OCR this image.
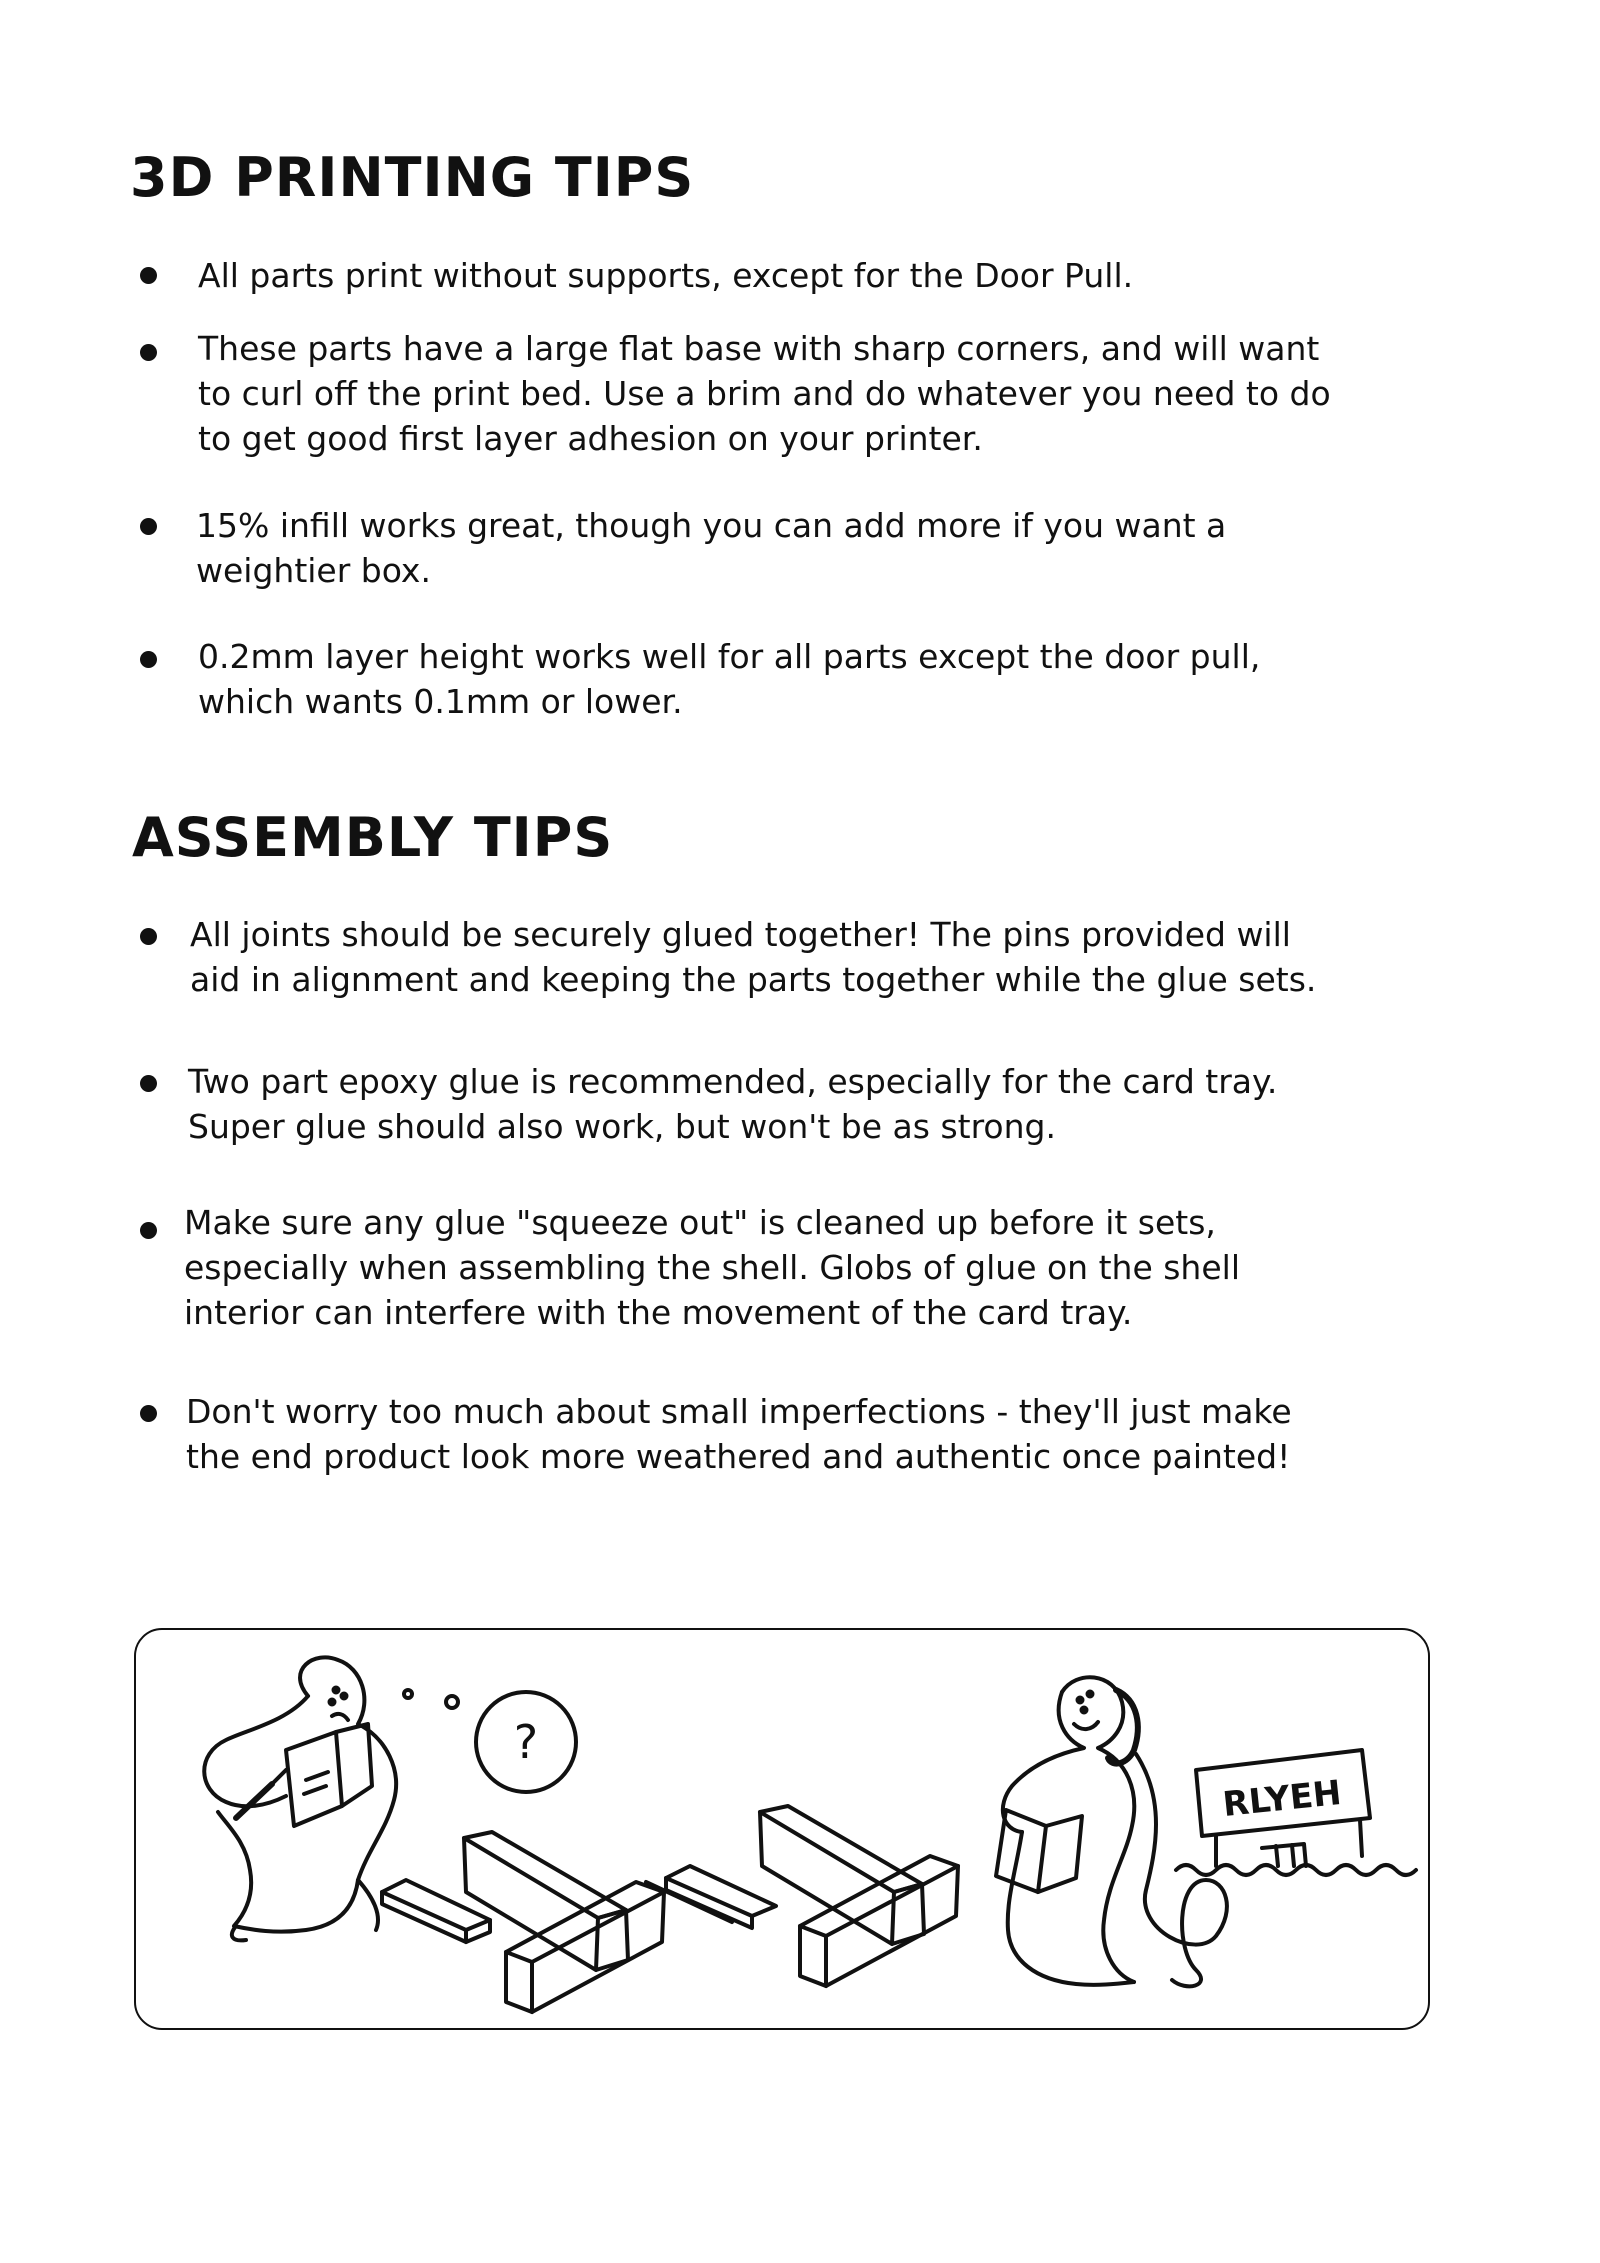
3D PRINTING TIPS
All parts print without supports, except for the Door Pull.
These parts have a large flat base with sharp corners, and will want
to curl off the print bed. Use a brim and do whatever you need to do
to get good first layer adhesion on your printer.
15% infill works great, though you can add more if you want a
weightier box.
0.2mm layer height works well for all parts except the door pull,
which wants 0.1mm or lower.
ASSEMBLY TIPS
All joints should be securely glued together! The pins provided will
aid in alignment and keeping the parts together while the glue sets.
Two part epoxy glue is recommended, especially for the card tray.
Super glue should also work, but won't be as strong.
Make sure any glue "squeeze out" is cleaned up before it sets,
especially when assembling the shell. Globs of glue on the shell
interior can interfere with the movement of the card tray.
Don't worry too much about small imperfections - they'll just make
the end product look more weathered and authentic once painted!
?
RLYEH
